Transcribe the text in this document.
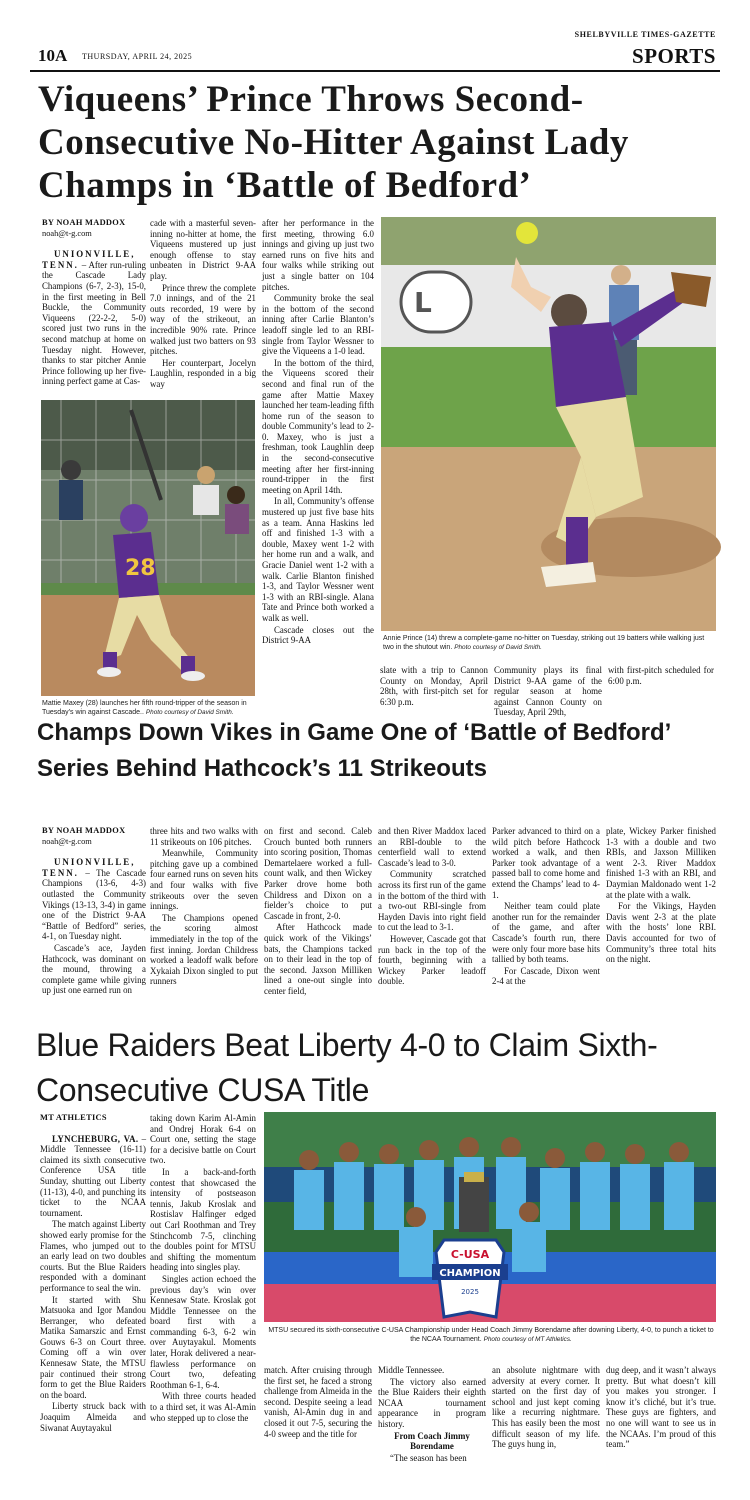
10A THURSDAY, APRIL 24, 2025
SHELBYVILLE TIMES-GAZETTE
SPORTS
Viqueens’ Prince Throws Second-Consecutive No-Hitter Against Lady Champs in ‘Battle of Bedford’
BY NOAH MADDOX
noah@t-g.com

UNIONVILLE, TENN. – After run-ruling the Cascade Lady Champions (6-7, 2-3), 15-0, in the first meeting in Bell Buckle, the Community Viqueens (22-2-2, 5-0) scored just two runs in the second matchup at home on Tuesday night. However, thanks to star pitcher Annie Prince following up her five-inning perfect game at Cas-

cade with a masterful seven-inning no-hitter at home, the Viqueens mustered up just enough offense to stay unbeaten in District 9-AA play.

Prince threw the complete 7.0 innings, and of the 21 outs recorded, 19 were by way of the strikeout, an incredible 90% rate. Prince walked just two batters on 93 pitches.

Her counterpart, Jocelyn Laughlin, responded in a big way

after her performance in the first meeting, throwing 6.0 innings and giving up just two earned runs on five hits and four walks while striking out just a single batter on 104 pitches.

Community broke the seal in the bottom of the second inning after Carlie Blanton’s leadoff single led to an RBI-single from Taylor Wessner to give the Viqueens a 1-0 lead.

In the bottom of the third, the Viqueens scored their second and final run of the game after Mattie Maxey launched her team-leading fifth home run of the season to double Community’s lead to 2-0. Maxey, who is just a freshman, took Laughlin deep in the second-consecutive meeting after her first-inning round-tripper in the first meeting on April 14th.

In all, Community’s offense mustered up just five base hits as a team. Anna Haskins led off and finished 1-3 with a double, Maxey went 1-2 with her home run and a walk, and Gracie Daniel went 1-2 with a walk. Carlie Blanton finished 1-3, and Taylor Wessner went 1-3 with an RBI-single. Alana Tate and Prince both worked a walk as well.

Cascade closes out the District 9-AA

slate with a trip to Cannon County on Monday, April 28th, with first-pitch set for 6:30 p.m.

Community plays its final District 9-AA game of the regular season at home against Cannon County on Tuesday, April 29th,

with first-pitch scheduled for 6:00 p.m.

28
Mattie Maxey (28) launches her fifth round-tripper of the season in Tuesday’s win against Cascade.. Photo courtesy of David Smith.
L
Annie Prince (14) threw a complete-game no-hitter on Tuesday, striking out 19 batters while walking just two in the shutout win. Photo courtesy of David Smith.
Champs Down Vikes in Game One of ‘Battle of Bedford’ Series Behind Hathcock’s 11 Strikeouts
BY NOAH MADDOX
noah@t-g.com

UNIONVILLE, TENN. – The Cascade Champions (13-6, 4-3) outlasted the Community Vikings (13-13, 3-4) in game one of the District 9-AA “Battle of Bedford” series, 4-1, on Tuesday night.

Cascade’s ace, Jayden Hathcock, was dominant on the mound, throwing a complete game while giving up just one earned run on

three hits and two walks with 11 strikeouts on 106 pitches.

Meanwhile, Community pitching gave up a combined four earned runs on seven hits and four walks with five strikeouts over the seven innings.

The Champions opened the scoring almost immediately in the top of the first inning. Jordan Childress worked a leadoff walk before Xykaiah Dixon singled to put runners

on first and second. Caleb Crouch bunted both runners into scoring position, Thomas Demartelaere worked a full-count walk, and then Wickey Parker drove home both Childress and Dixon on a fielder’s choice to put Cascade in front, 2-0.

After Hathcock made quick work of the Vikings’ bats, the Champions tacked on to their lead in the top of the second. Jaxson Milliken lined a one-out single into center field,

and then River Maddox laced an RBI-double to the centerfield wall to extend Cascade’s lead to 3-0.

Community scratched across its first run of the game in the bottom of the third with a two-out RBI-single from Hayden Davis into right field to cut the lead to 3-1.

However, Cascade got that run back in the top of the fourth, beginning with a Wickey Parker leadoff double.

Parker advanced to third on a wild pitch before Hathcock worked a walk, and then Parker took advantage of a passed ball to come home and extend the Champs’ lead to 4-1.

Neither team could plate another run for the remainder of the game, and after Cascade’s fourth run, there were only four more base hits tallied by both teams.

For Cascade, Dixon went 2-4 at the

plate, Wickey Parker finished 1-3 with a double and two RBIs, and Jaxson Milliken went 2-3. River Maddox finished 1-3 with an RBI, and Daymian Maldonado went 1-2 at the plate with a walk.

For the Vikings, Hayden Davis went 2-3 at the plate with the hosts’ lone RBI. Davis accounted for two of Community’s three total hits on the night.

Blue Raiders Beat Liberty 4-0 to Claim Sixth-Consecutive CUSA Title
MT ATHLETICS

LYNCHEBURG, VA. – Middle Tennessee (16-11) claimed its sixth consecutive Conference USA title Sunday, shutting out Liberty (11-13), 4-0, and punching its ticket to the NCAA tournament.

The match against Liberty showed early promise for the Flames, who jumped out to an early lead on two doubles courts. But the Blue Raiders responded with a dominant performance to seal the win.

It started with Shu Matsuoka and Igor Mandou Berranger, who defeated Matika Samarszic and Ernst Gouws 6-3 on Court three. Coming off a win over Kennesaw State, the MTSU pair continued their strong form to get the Blue Raiders on the board.

Liberty struck back with Joaquim Almeida and Siwanat Auytayakul

taking down Karim Al-Amin and Ondrej Horak 6-4 on Court one, setting the stage for a decisive battle on Court two.

In a back-and-forth contest that showcased the intensity of postseason tennis, Jakub Kroslak and Rostislav Halfinger edged out Carl Roothman and Trey Stinchcomb 7-5, clinching the doubles point for MTSU and shifting the momentum heading into singles play.

Singles action echoed the previous day’s win over Kennesaw State. Kroslak got Middle Tennessee on the board first with a commanding 6-3, 6-2 win over Auytayakul. Moments later, Horak delivered a near-flawless performance on Court two, defeating Roothman 6-1, 6-4.

With three courts headed to a third set, it was Al-Amin who stepped up to close the

match. After cruising through the first set, he faced a strong challenge from Almeida in the second. Despite seeing a lead vanish, Al-Amin dug in and closed it out 7-5, securing the 4-0 sweep and the title for

Middle Tennessee.

The victory also earned the Blue Raiders their eighth NCAA tournament appearance in program history.

From Coach Jimmy Borendame

“The season has been

an absolute nightmare with adversity at every corner. It started on the first day of school and just kept coming like a recurring nightmare. This has easily been the most difficult season of my life. The guys hung in,

dug deep, and it wasn’t always pretty. But what doesn’t kill you makes you stronger. I know it’s cliché, but it’s true. These guys are fighters, and no one will want to see us in the NCAAs. I’m proud of this team.”

C-USA
CHAMPION
2025
MTSU secured its sixth-consecutive C-USA Championship under Head Coach Jimmy Borendame after downing Liberty, 4-0, to punch a ticket to the NCAA Tournament. Photo courtesy of MT Athletics.
